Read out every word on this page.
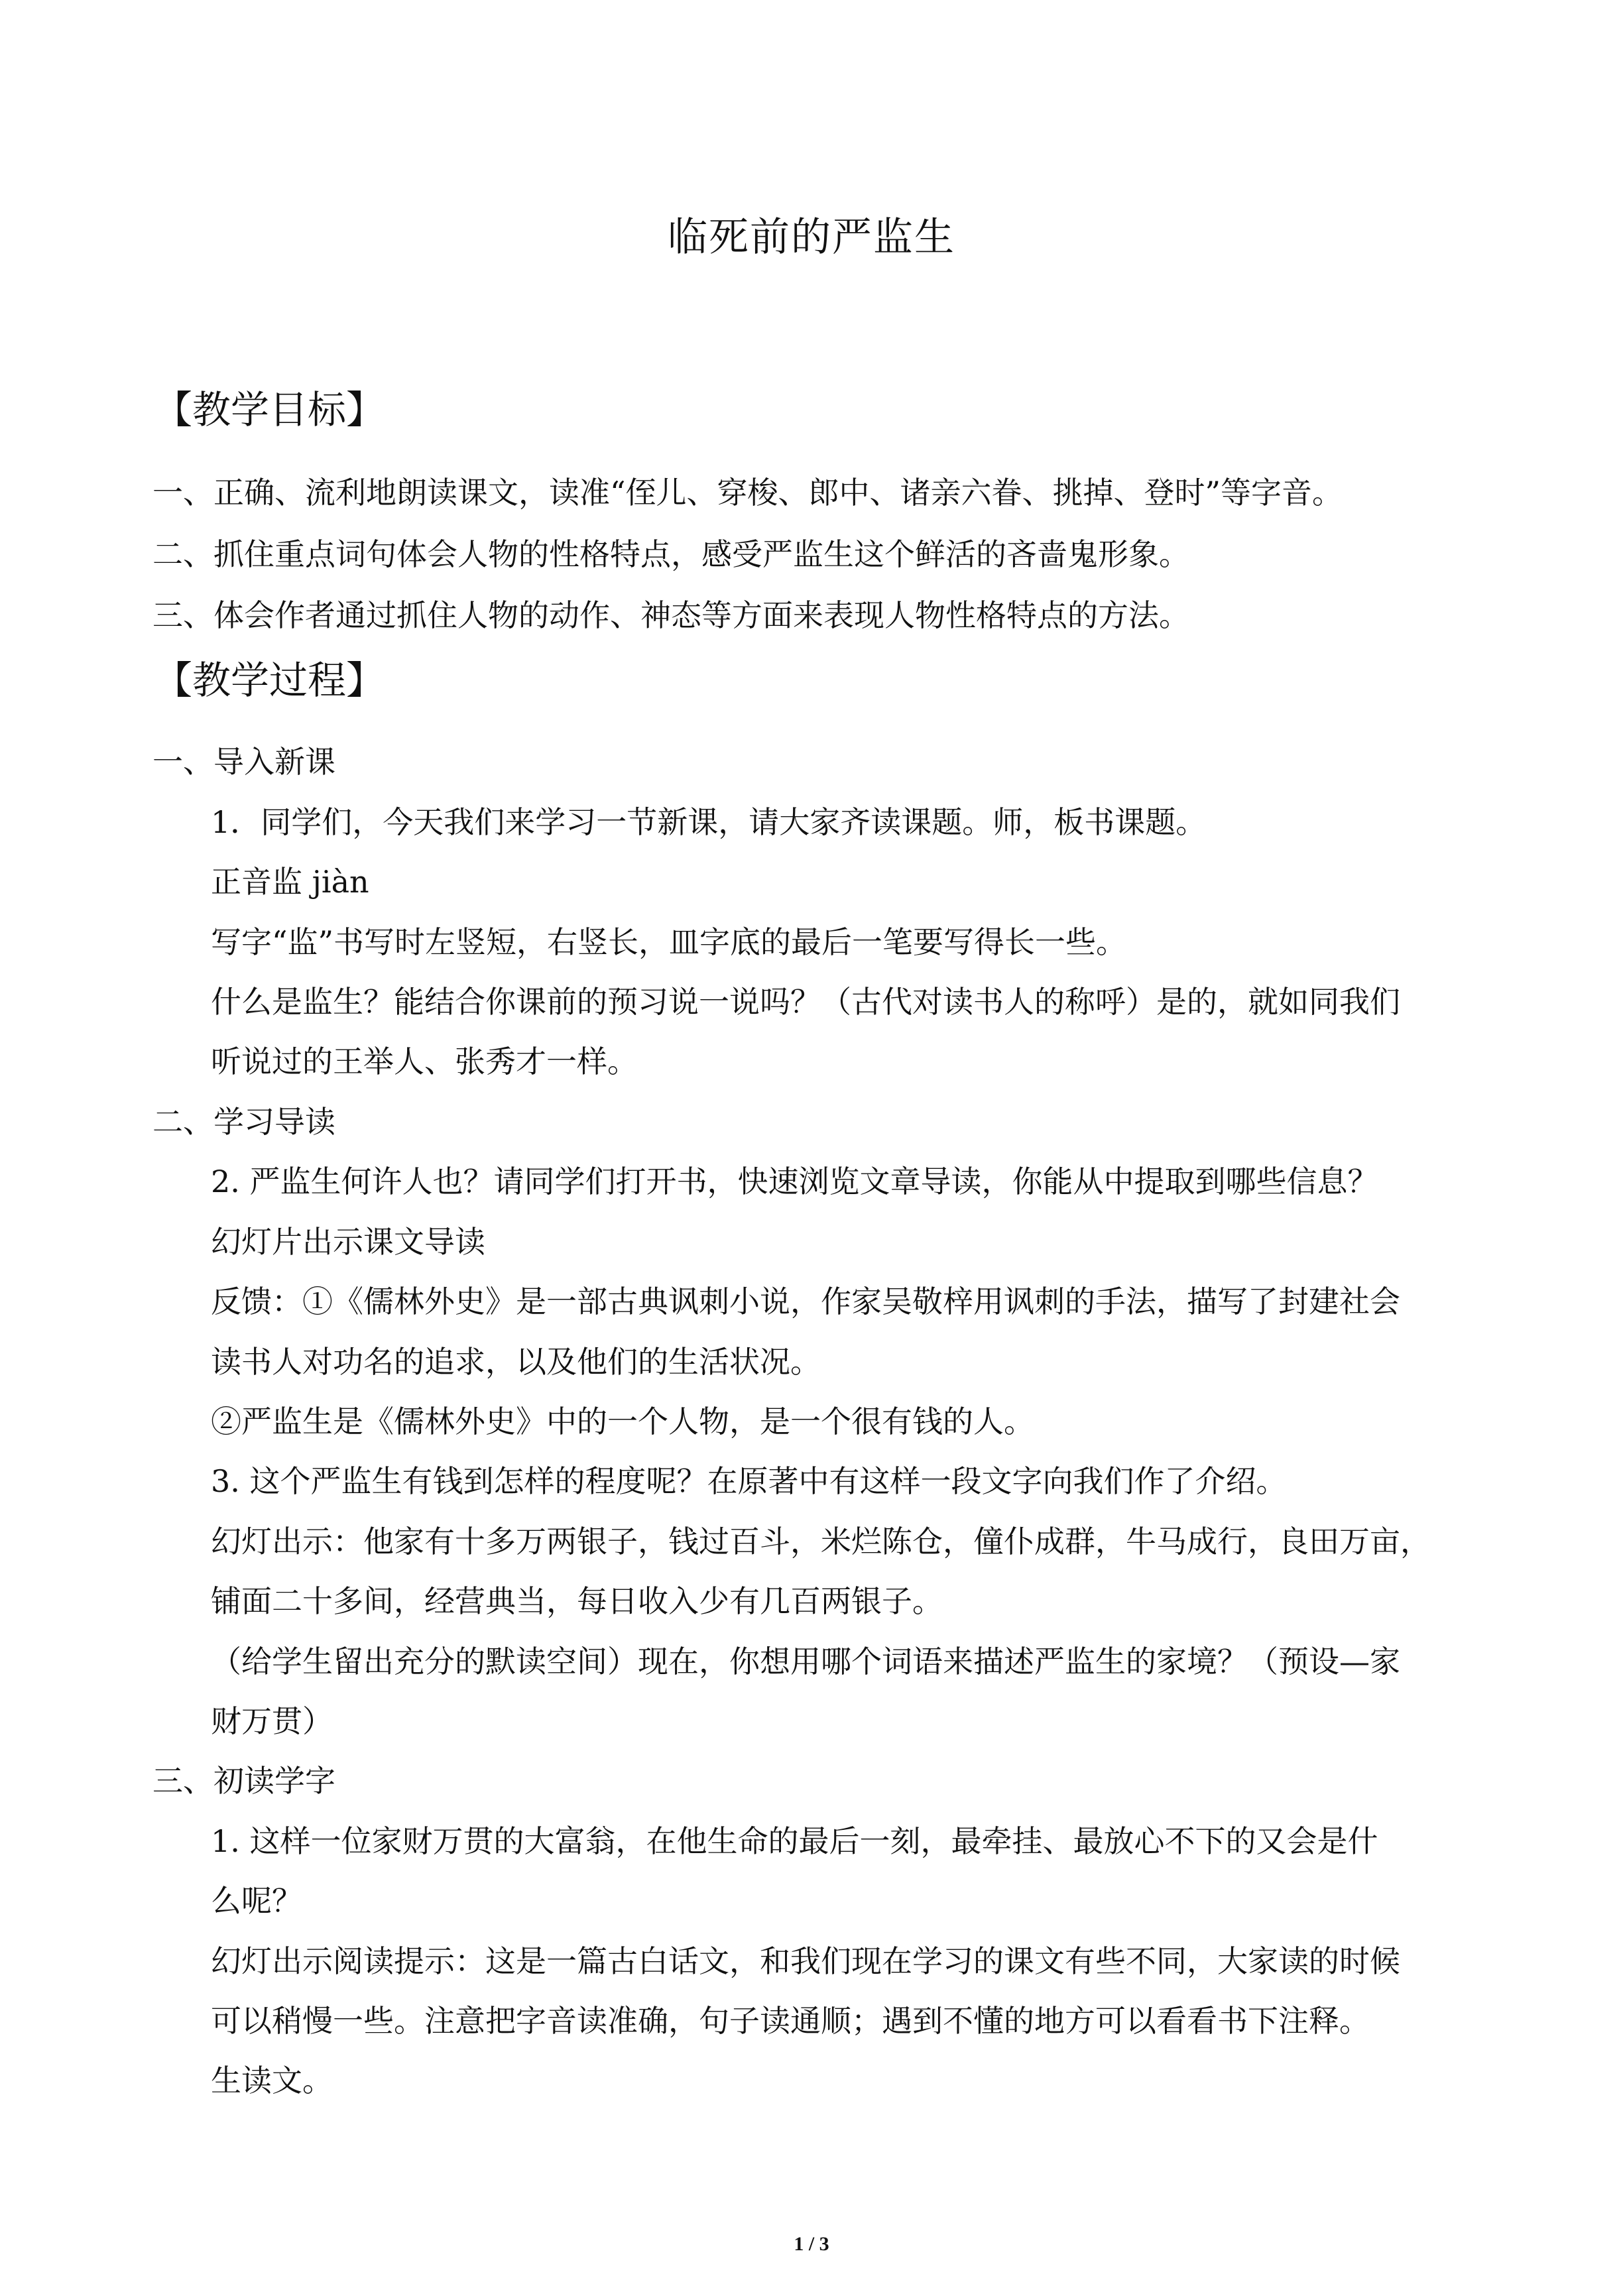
临死前的严监生
【教学目标】
一、正确、流利地朗读课文，读准“侄儿、穿梭、郎中、诸亲六眷、挑掉、登时”等字音。
二、抓住重点词句体会人物的性格特点，感受严监生这个鲜活的吝啬鬼形象。
三、体会作者通过抓住人物的动作、神态等方面来表现人物性格特点的方法。
【教学过程】
一、导入新课
1．同学们，今天我们来学习一节新课，请大家齐读课题。师，板书课题。
正音监 jiàn
写字“监”书写时左竖短，右竖长，皿字底的最后一笔要写得长一些。
什么是监生？能结合你课前的预习说一说吗？（古代对读书人的称呼）是的，就如同我们
听说过的王举人、张秀才一样。
二、学习导读
2. 严监生何许人也？请同学们打开书，快速浏览文章导读，你能从中提取到哪些信息？
幻灯片出示课文导读
反馈：①《儒林外史》是一部古典讽刺小说，作家吴敬梓用讽刺的手法，描写了封建社会
读书人对功名的追求，以及他们的生活状况。
②严监生是《儒林外史》中的一个人物，是一个很有钱的人。
3. 这个严监生有钱到怎样的程度呢？在原著中有这样一段文字向我们作了介绍。
幻灯出示：他家有十多万两银子，钱过百斗，米烂陈仓，僮仆成群，牛马成行，良田万亩，
铺面二十多间，经营典当，每日收入少有几百两银子。
（给学生留出充分的默读空间）现在，你想用哪个词语来描述严监生的家境？（预设—家
财万贯）
三、初读学字
1. 这样一位家财万贯的大富翁，在他生命的最后一刻，最牵挂、最放心不下的又会是什
么呢？
幻灯出示阅读提示：这是一篇古白话文，和我们现在学习的课文有些不同，大家读的时候
可以稍慢一些。注意把字音读准确，句子读通顺；遇到不懂的地方可以看看书下注释。
生读文。
1 / 3
